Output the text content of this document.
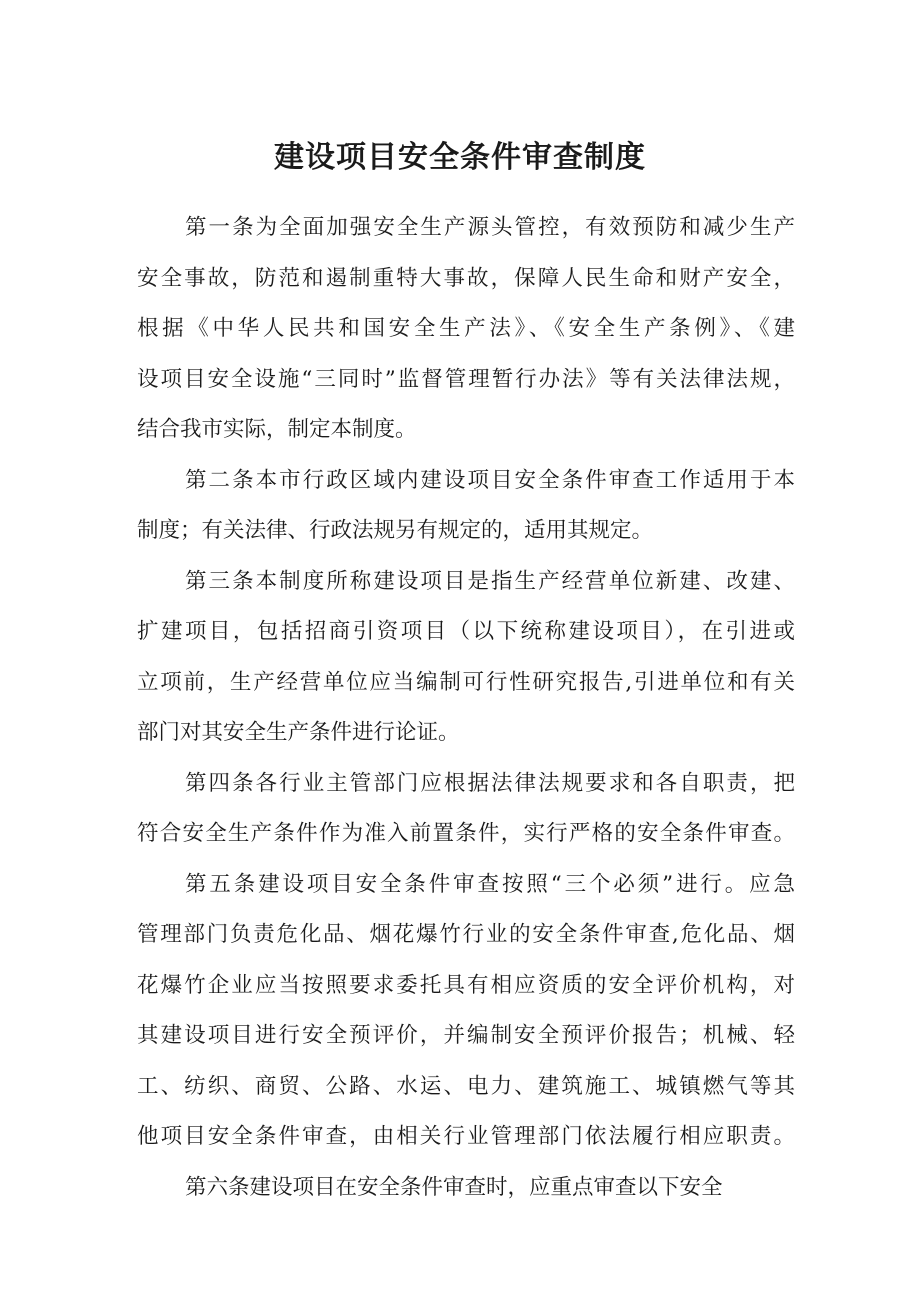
建设项目安全条件审查制度
第一条为全面加强安全生产源头管控，有效预防和减少生产
安全事故，防范和遏制重特大事故，保障人民生命和财产安全，
根据《中华人民共和国安全生产法》、《安全生产条例》、《建
设项目安全设施“三同时”监督管理暂行办法》等有关法律法规，
结合我市实际，制定本制度。
第二条本市行政区域内建设项目安全条件审查工作适用于本
制度；有关法律、行政法规另有规定的，适用其规定。
第三条本制度所称建设项目是指生产经营单位新建、改建、
扩建项目，包括招商引资项目（以下统称建设项目），在引进或
立项前，生产经营单位应当编制可行性研究报告,引进单位和有关
部门对其安全生产条件进行论证。
第四条各行业主管部门应根据法律法规要求和各自职责，把
符合安全生产条件作为准入前置条件，实行严格的安全条件审查。
第五条建设项目安全条件审查按照“三个必须”进行。应急
管理部门负责危化品、烟花爆竹行业的安全条件审查,危化品、烟
花爆竹企业应当按照要求委托具有相应资质的安全评价机构，对
其建设项目进行安全预评价，并编制安全预评价报告；机械、轻
工、纺织、商贸、公路、水运、电力、建筑施工、城镇燃气等其
他项目安全条件审查，由相关行业管理部门依法履行相应职责。
第六条建设项目在安全条件审查时，应重点审查以下安全
